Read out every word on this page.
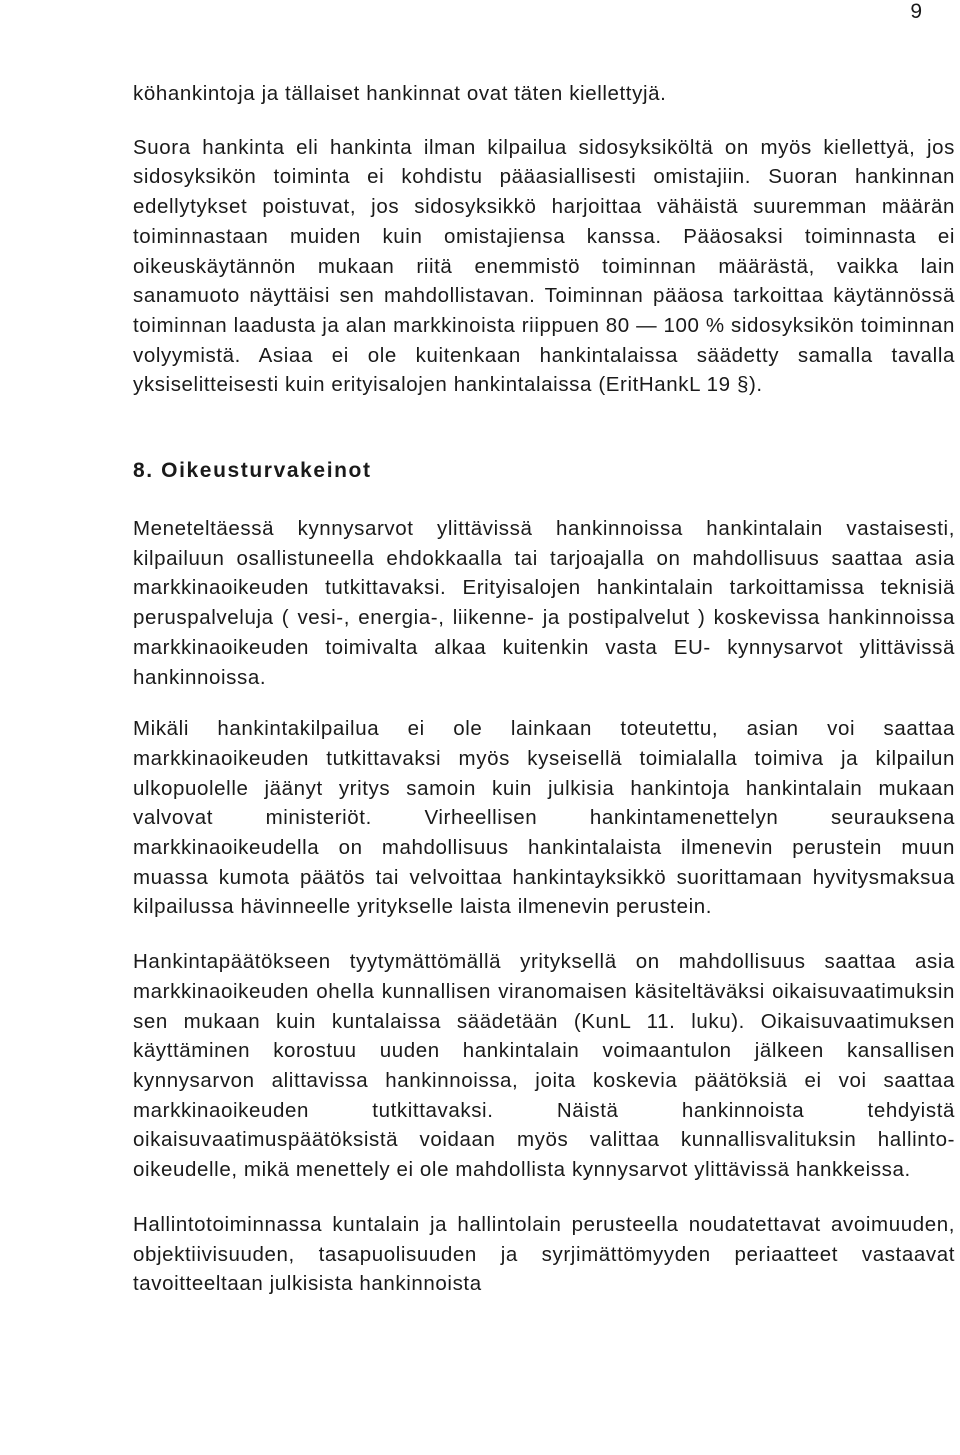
9

köhankintoja ja tällaiset hankinnat ovat täten kiellettyjä.

Suora hankinta eli hankinta ilman kilpailua sidosyksiköltä on myös kiellettyä, jos sidosyksikön toiminta ei kohdistu pääasiallisesti omistajiin. Suoran hankinnan edellytykset poistuvat, jos sidosyksikkö harjoittaa vähäistä suuremman määrän toiminnastaan muiden kuin omistajiensa kanssa. Pääosaksi toiminnasta ei oikeuskäytännön mukaan riitä enemmistö toiminnan määrästä, vaikka lain sanamuoto näyttäisi sen mahdollistavan. Toiminnan pääosa tarkoittaa käytännössä toiminnan laadusta ja alan markkinoista riippuen 80 — 100 % sidosyksikön toiminnan volyymistä. Asiaa ei ole kuitenkaan hankintalaissa säädetty samalla tavalla yksiselitteisesti kuin erityisalojen hankintalaissa (EritHankL 19 §).

8. Oikeusturvakeinot

Meneteltäessä kynnysarvot ylittävissä hankinnoissa hankintalain vastaisesti, kilpailuun osallistuneella ehdokkaalla tai tarjoajalla on mahdollisuus saattaa asia markkinaoikeuden tutkittavaksi. Erityisalojen hankintalain tarkoittamissa teknisiä peruspalveluja ( vesi-, energia-, liikenne- ja postipalvelut ) koskevissa hankinnoissa markkinaoikeuden toimivalta alkaa kuitenkin vasta EU- kynnysarvot ylittävissä hankinnoissa.

Mikäli hankintakilpailua ei ole lainkaan toteutettu, asian voi saattaa markkinaoikeuden tutkittavaksi myös kyseisellä toimialalla toimiva ja kilpailun ulkopuolelle jäänyt yritys samoin kuin julkisia hankintoja hankintalain mukaan valvovat ministeriöt. Virheellisen hankintamenettelyn seurauksena markkinaoikeudella on mahdollisuus hankintalaista ilmenevin perustein muun muassa kumota päätös tai velvoittaa hankintayksikkö suorittamaan hyvitysmaksua kilpailussa hävinneelle yritykselle laista ilmenevin perustein.

Hankintapäätökseen tyytymättömällä yrityksellä on mahdollisuus saattaa asia markkinaoikeuden ohella kunnallisen viranomaisen käsiteltäväksi oikaisuvaatimuksin sen mukaan kuin kuntalaissa säädetään (KunL 11. luku). Oikaisuvaatimuksen käyttäminen korostuu uuden hankintalain voimaantulon jälkeen kansallisen kynnysarvon alittavissa hankinnoissa, joita koskevia päätöksiä ei voi saattaa markkinaoikeuden tutkittavaksi. Näistä hankinnoista tehdyistä oikaisuvaatimuspäätöksistä voidaan myös valittaa kunnallisvalituksin hallinto-oikeudelle, mikä menettely ei ole mahdollista kynnysarvot ylittävissä hankkeissa.

Hallintotoiminnassa kuntalain ja hallintolain perusteella noudatettavat avoimuuden, objektiivisuuden, tasapuolisuuden ja syrjimättömyyden periaatteet vastaavat tavoitteeltaan julkisista hankinnoista
